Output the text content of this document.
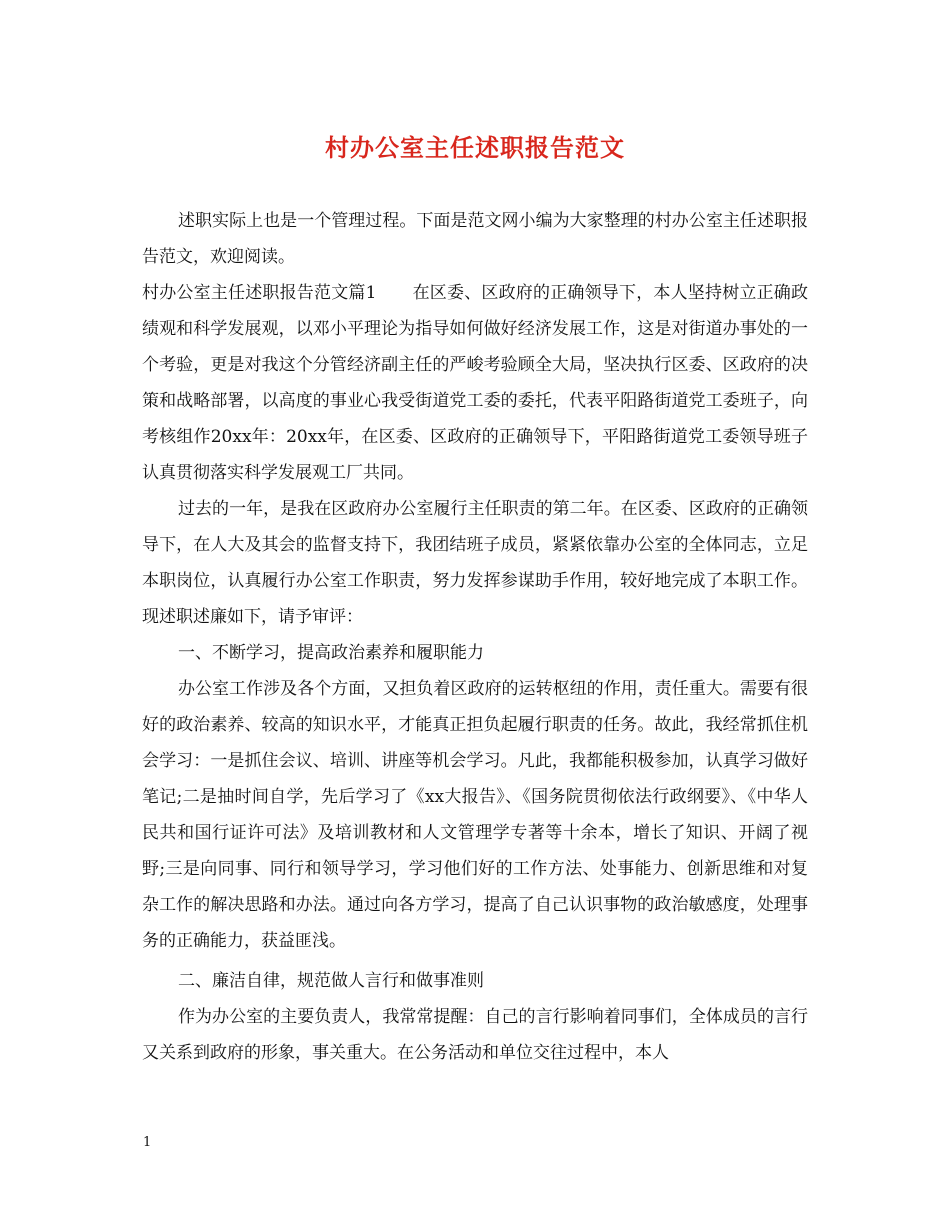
村办公室主任述职报告范文

述职实际上也是一个管理过程。下面是范文网小编为大家整理的村办公室主任述职报告范文，欢迎阅读。

村办公室主任述职报告范文篇1 在区委、区政府的正确领导下，本人坚持树立正确政绩观和科学发展观，以邓小平理论为指导如何做好经济发展工作，这是对街道办事处的一个考验，更是对我这个分管经济副主任的严峻考验顾全大局，坚决执行区委、区政府的决策和战略部署，以高度的事业心我受街道党工委的委托，代表平阳路街道党工委班子，向考核组作20xx年：20xx年，在区委、区政府的正确领导下，平阳路街道党工委领导班子认真贯彻落实科学发展观工厂共同。

过去的一年，是我在区政府办公室履行主任职责的第二年。在区委、区政府的正确领导下，在人大及其会的监督支持下，我团结班子成员，紧紧依靠办公室的全体同志，立足本职岗位，认真履行办公室工作职责，努力发挥参谋助手作用，较好地完成了本职工作。现述职述廉如下，请予审评：

一、不断学习，提高政治素养和履职能力

办公室工作涉及各个方面，又担负着区政府的运转枢纽的作用，责任重大。需要有很好的政治素养、较高的知识水平，才能真正担负起履行职责的任务。故此，我经常抓住机会学习：一是抓住会议、培训、讲座等机会学习。凡此，我都能积极参加，认真学习做好笔记;二是抽时间自学，先后学习了《xx大报告》、《国务院贯彻依法行政纲要》、《中华人民共和国行证许可法》及培训教材和人文管理学专著等十余本，增长了知识、开阔了视野;三是向同事、同行和领导学习，学习他们好的工作方法、处事能力、创新思维和对复杂工作的解决思路和办法。通过向各方学习，提高了自己认识事物的政治敏感度，处理事务的正确能力，获益匪浅。

二、廉洁自律，规范做人言行和做事准则

作为办公室的主要负责人，我常常提醒：自己的言行影响着同事们，全体成员的言行又关系到政府的形象，事关重大。在公务活动和单位交往过程中，本人

1
